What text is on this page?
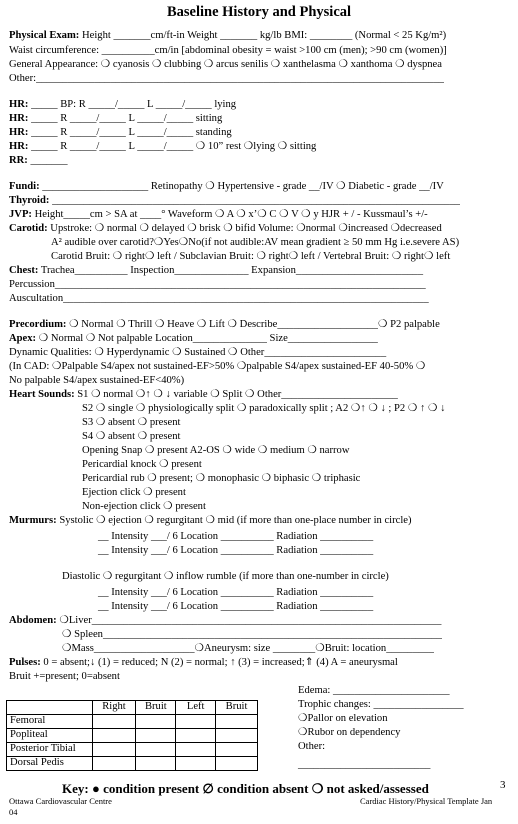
Baseline History and Physical
Physical Exam: Height _______cm/ft-in Weight _______ kg/lb BMI: ________ (Normal < 25 Kg/m²)
Waist circumference: __________cm/in [abdominal obesity = waist >100 cm (men); >90 cm (women)]
General Appearance: ❍ cyanosis ❍ clubbing ❍ arcus senilis ❍ xanthelasma ❍ xanthoma ❍ dyspnea
Other:_____________________________________________________________________________
HR: _____ BP: R _____/_____ L _____/_____ lying
HR: _____ R _____/_____ L _____/_____ sitting
HR: _____ R _____/_____ L _____/_____ standing
HR: _____ R _____/_____ L _____/_____ ❍ 10” rest ❍lying ❍ sitting
RR: _______
Fundi: ____________________ Retinopathy ❍ Hypertensive - grade __/IV ❍ Diabetic - grade __/IV
Thyroid: _____________________________________________________________________________
JVP: Height_____cm > SA at ____° Waveform ❍ A ❍ x’❍ C ❍ V ❍ y HJR + / - Kussmaul’s +/-
Carotid: Upstroke: ❍ normal ❍ delayed ❍ brisk ❍ bifid Volume: ❍normal ❍increased ❍decreased
A² audible over carotid?❍Yes❍No(if not audible:AV mean gradient ≥ 50 mm Hg i.e.severe AS)
Carotid Bruit: ❍ right❍ left / Subclavian Bruit: ❍ right❍ left / Vertebral Bruit: ❍ right❍ left
Chest: Trachea__________ Inspection______________ Expansion________________________
Percussion______________________________________________________________________
Auscultation_____________________________________________________________________
Precordium: ❍ Normal ❍ Thrill ❍ Heave ❍ Lift ❍ Describe___________________❍ P2 palpable
Apex: ❍ Normal ❍ Not palpable Location______________ Size_________________
Dynamic Qualities: ❍ Hyperdynamic ❍ Sustained ❍ Other_______________________
(In CAD: ❍Palpable S4/apex not sustained-EF>50% ❍palpable S4/apex sustained-EF 40-50% ❍
No palpable S4/apex sustained-EF<40%)
Heart Sounds: S1 ❍ normal ❍↑ ❍ ↓ variable ❍ Split ❍ Other______________________
S2 ❍ single ❍ physiologically split ❍ paradoxically split ; A2 ❍↑ ❍ ↓ ; P2 ❍ ↑ ❍ ↓
S3 ❍ absent ❍ present
S4 ❍ absent ❍ present
Opening Snap ❍ present A2-OS ❍ wide ❍ medium ❍ narrow
Pericardial knock ❍ present
Pericardial rub ❍ present; ❍ monophasic ❍ biphasic ❍ triphasic
Ejection click ❍ present
Non-ejection click ❍ present
Murmurs: Systolic ❍ ejection ❍ regurgitant ❍ mid (if more than one-place number in circle)
__ Intensity ___/ 6 Location __________ Radiation __________
__ Intensity ___/ 6 Location __________ Radiation __________
Diastolic ❍ regurgitant ❍ inflow rumble (if more than one-number in circle)
__ Intensity ___/ 6 Location __________ Radiation __________
__ Intensity ___/ 6 Location __________ Radiation __________
Abdomen: ❍Liver__________________________________________________________________
❍ Spleen________________________________________________________________
❍Mass___________________❍Aneurysm: size ________❍Bruit: location_________
Pulses: 0 = absent;↓ (1) = reduced; N (2) = normal; ↑ (3) = increased;⇑ (4) A = aneurysmal
Bruit +=present; 0=absent
Edema: ______________________
Trophic changes: _________________
❍Pallor on elevation
❍Rubor on dependency
Other:
_________________________
	Right	Bruit	Left	Bruit
Femoral				
Popliteal				
Posterior Tibial				
Dorsal Pedis				
Key: ● condition present ∅ condition absent ❍ not asked/assessed	3
Ottawa Cardiovascular Centre
04
Cardiac History/Physical Template Jan
